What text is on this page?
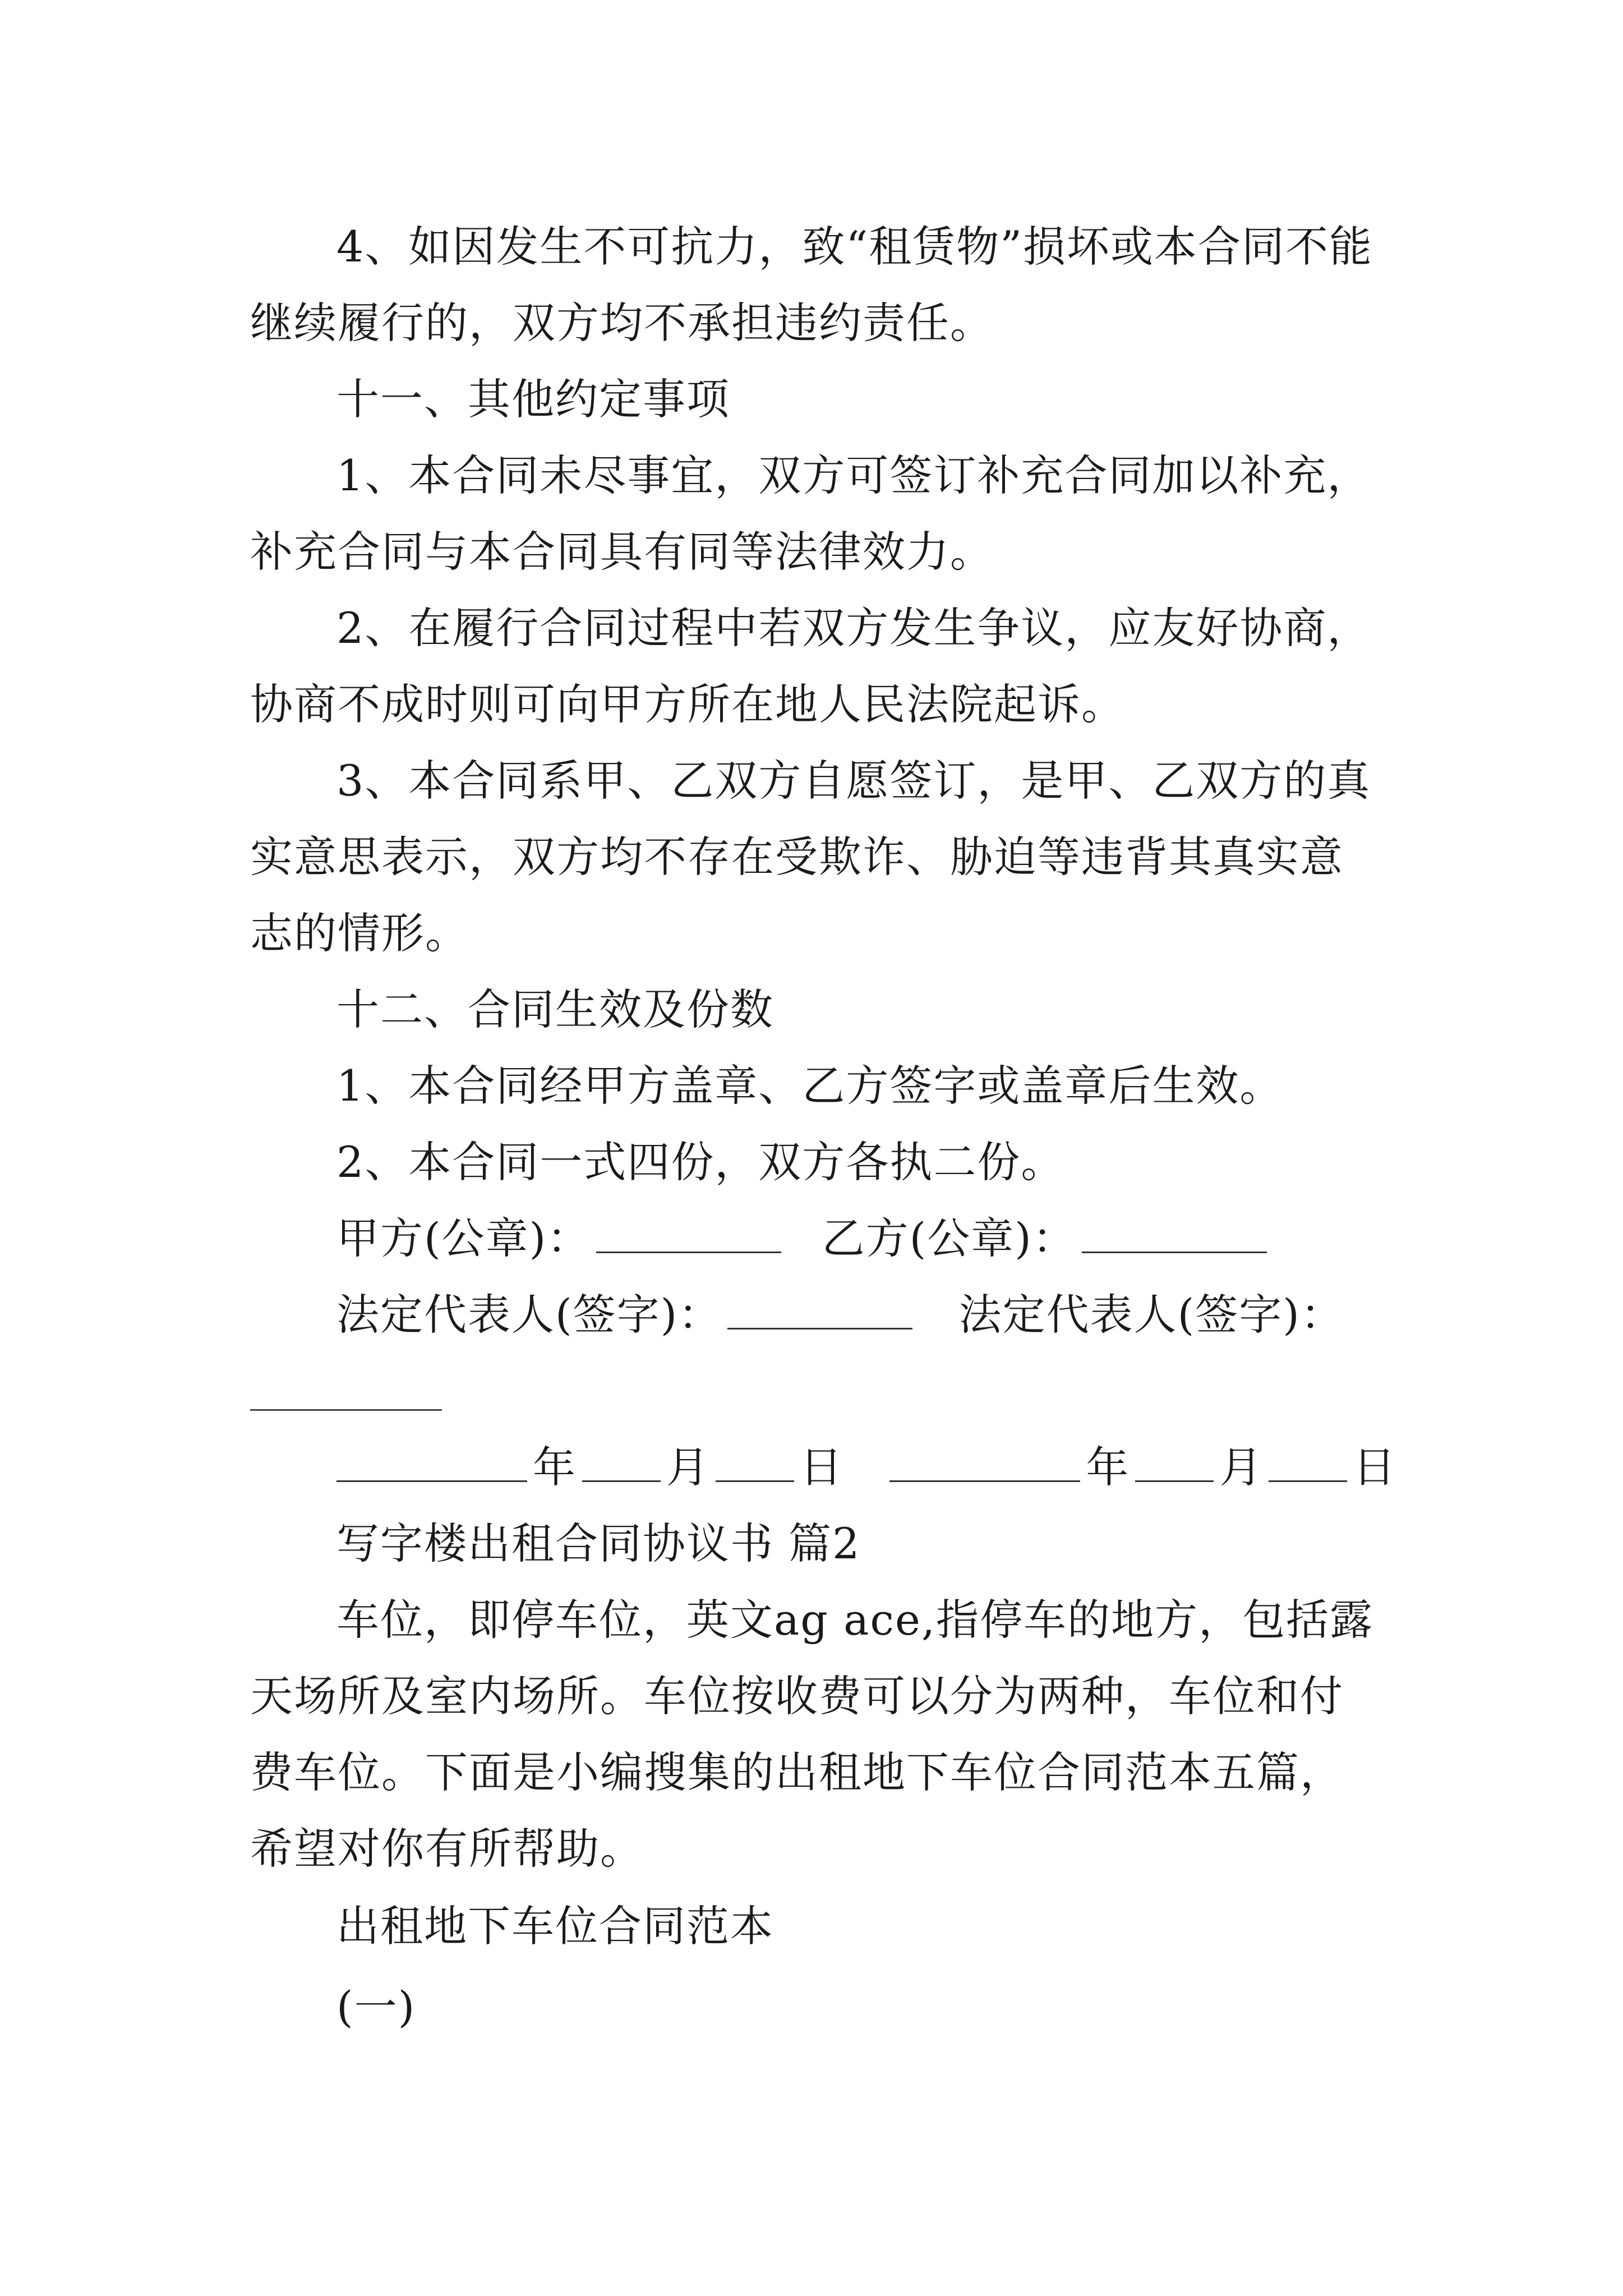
4、如因发生不可抗力，致“租赁物”损坏或本合同不能继续履行的，双方均不承担违约责任。
十一、其他约定事项
1、本合同未尽事宜，双方可签订补充合同加以补充，补充合同与本合同具有同等法律效力。
2、在履行合同过程中若双方发生争议，应友好协商，协商不成时则可向甲方所在地人民法院起诉。
3、本合同系甲、乙双方自愿签订，是甲、乙双方的真实意思表示，双方均不存在受欺诈、胁迫等违背其真实意志的情形。
十二、合同生效及份数
1、本合同经甲方盖章、乙方签字或盖章后生效。
2、本合同一式四份，双方各执二份。
甲方(公章)：	乙方(公章)：
法定代表人(签字)：	法定代表人(签字)：
年 月 日	年 月 日
写字楼出租合同协议书 篇2
车位，即停车位，英文ag ace,指停车的地方，包括露天场所及室内场所。车位按收费可以分为两种，车位和付费车位。下面是小编搜集的出租地下车位合同范本五篇，希望对你有所帮助。
出租地下车位合同范本
(一)
